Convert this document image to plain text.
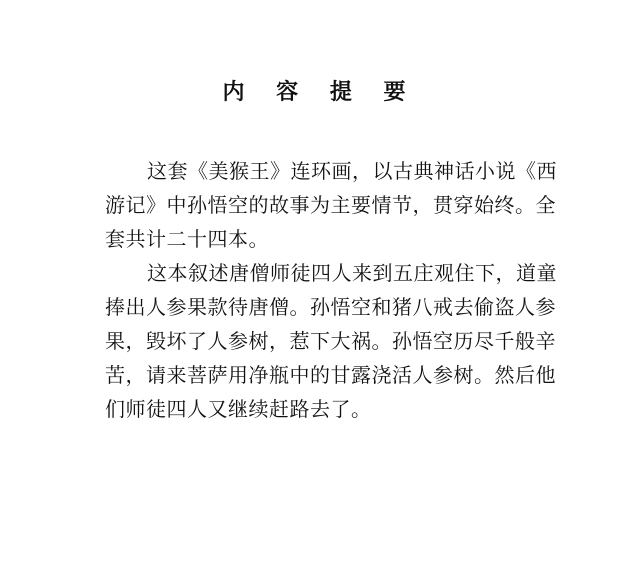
内 容 提 要

这套《美猴王》连环画，以古典神话小说《西
游记》中孙悟空的故事为主要情节，贯穿始终。全
套共计二十四本。

这本叙述唐僧师徒四人来到五庄观住下，道童
捧出人参果款待唐僧。孙悟空和猪八戒去偷盗人参
果，毁坏了人参树，惹下大祸。孙悟空历尽千般辛
苦，请来菩萨用净瓶中的甘露浇活人参树。然后他
们师徒四人又继续赶路去了。
